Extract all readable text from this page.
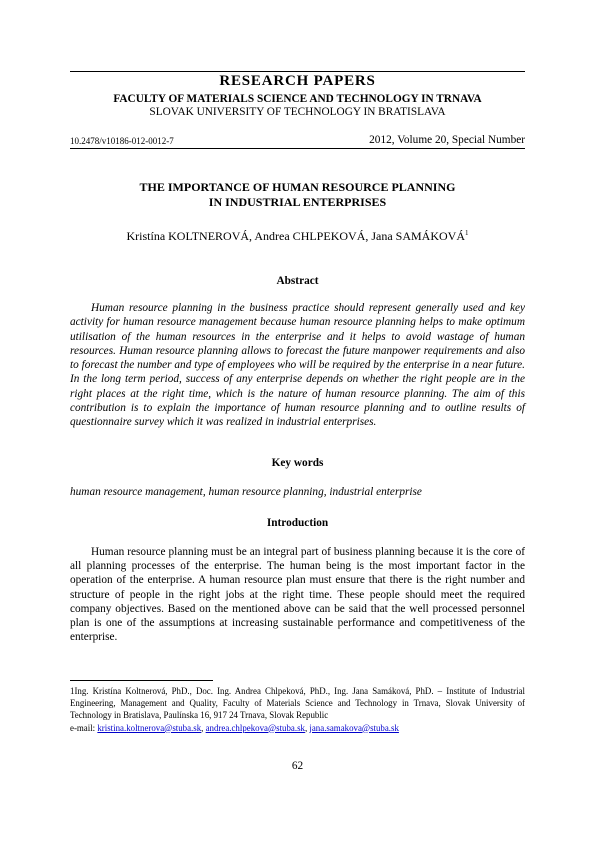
RESEARCH PAPERS
FACULTY OF MATERIALS SCIENCE AND TECHNOLOGY IN TRNAVA
SLOVAK UNIVERSITY OF TECHNOLOGY IN BRATISLAVA
10.2478/v10186-012-0012-7	2012, Volume 20, Special Number
THE IMPORTANCE OF HUMAN RESOURCE PLANNING
IN INDUSTRIAL ENTERPRISES
Kristína KOLTNEROVÁ, Andrea CHLPEKOVÁ, Jana SAMÁKOVÁ$^1$
Abstract

Human resource planning in the business practice should represent generally used and key activity for human resource management because human resource planning helps to make optimum utilisation of the human resources in the enterprise and it helps to avoid wastage of human resources. Human resource planning allows to forecast the future manpower requirements and also to forecast the number and type of employees who will be required by the enterprise in a near future. In the long term period, success of any enterprise depends on whether the right people are in the right places at the right time, which is the nature of human resource planning. The aim of this contribution is to explain the importance of human resource planning and to outline results of questionnaire survey which it was realized in industrial enterprises.

Key words

human resource management, human resource planning, industrial enterprise

Introduction

Human resource planning must be an integral part of business planning because it is the core of all planning processes of the enterprise. The human being is the most important factor in the operation of the enterprise. A human resource plan must ensure that there is the right number and structure of people in the right jobs at the right time. These people should meet the required company objectives. Based on the mentioned above can be said that the well processed personnel plan is one of the assumptions at increasing sustainable performance and competitiveness of the enterprise.

1Ing. Kristína Koltnerová, PhD., Doc. Ing. Andrea Chlpeková, PhD., Ing. Jana Samáková, PhD. – Institute of Industrial Engineering, Management and Quality, Faculty of Materials Science and Technology in Trnava, Slovak University of Technology in Bratislava, Paulínska 16, 917 24 Trnava, Slovak Republic
e-mail: kristina.koltnerova@stuba.sk, andrea.chlpekova@stuba.sk, jana.samakova@stuba.sk

62
